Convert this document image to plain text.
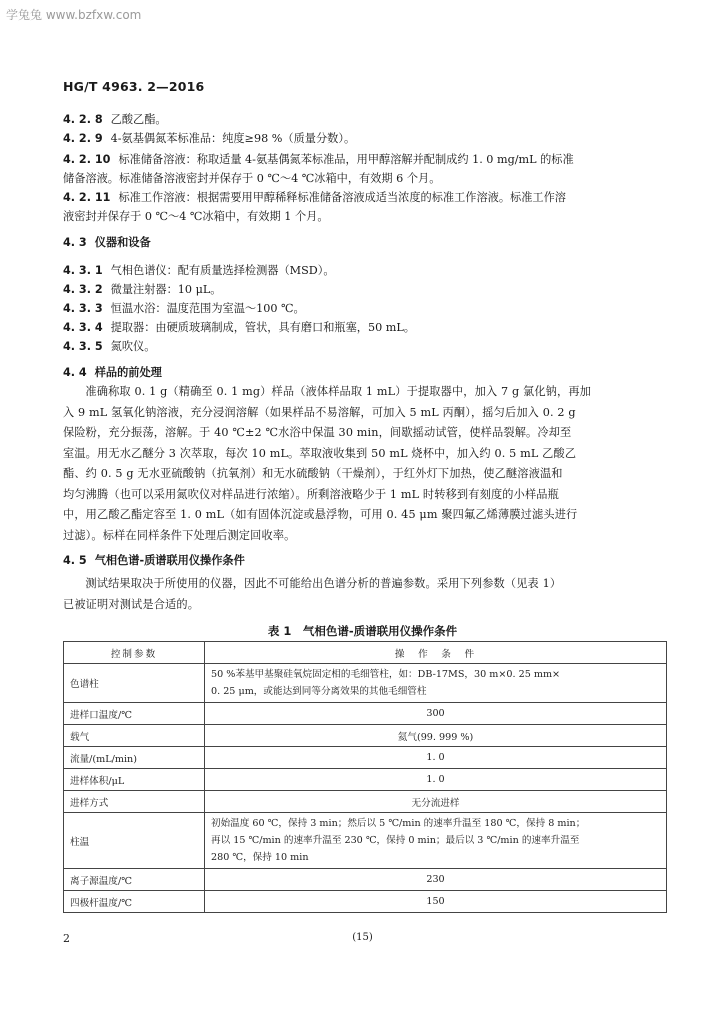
学兔兔 www.bzfxw.com
HG/T 4963. 2—2016
4. 2. 8 乙酸乙酯。
4. 2. 9 4-氨基偶氮苯标准品：纯度≥98 %（质量分数）。
4. 2. 10 标准储备溶液：称取适量 4-氨基偶氮苯标准品，用甲醇溶解并配制成约 1. 0 mg/mL 的标准
储备溶液。标准储备溶液密封并保存于 0 ℃～4 ℃冰箱中，有效期 6 个月。
4. 2. 11 标准工作溶液：根据需要用甲醇稀释标准储备溶液成适当浓度的标准工作溶液。标准工作溶
液密封并保存于 0 ℃～4 ℃冰箱中，有效期 1 个月。
4. 3 仪器和设备
4. 3. 1 气相色谱仪：配有质量选择检测器（MSD）。
4. 3. 2 微量注射器：10 μL。
4. 3. 3 恒温水浴：温度范围为室温～100 ℃。
4. 3. 4 提取器：由硬质玻璃制成，管状，具有磨口和瓶塞，50 mL。
4. 3. 5 氮吹仪。
4. 4 样品的前处理

准确称取 0. 1 g（精确至 0. 1 mg）样品（液体样品取 1 mL）于提取器中，加入 7 g 氯化钠，再加

入 9 mL 氢氧化钠溶液，充分浸润溶解（如果样品不易溶解，可加入 5 mL 丙酮），摇匀后加入 0. 2 g

保险粉，充分振荡，溶解。于 40 ℃±2 ℃水浴中保温 30 min，间歇摇动试管，使样品裂解。冷却至

室温。用无水乙醚分 3 次萃取，每次 10 mL。萃取液收集到 50 mL 烧杯中，加入约 0. 5 mL 乙酸乙

酯、约 0. 5 g 无水亚硫酸钠（抗氧剂）和无水硫酸钠（干燥剂），于红外灯下加热，使乙醚溶液温和

均匀沸腾（也可以采用氮吹仪对样品进行浓缩）。所剩溶液略少于 1 mL 时转移到有刻度的小样品瓶

中，用乙酸乙酯定容至 1. 0 mL（如有固体沉淀或悬浮物，可用 0. 45 μm 聚四氟乙烯薄膜过滤头进行

过滤）。标样在同样条件下处理后测定回收率。

4. 5 气相色谱-质谱联用仪操作条件

测试结果取决于所使用的仪器，因此不可能给出色谱分析的普遍参数。采用下列参数（见表 1）

已被证明对测试是合适的。

表 1　气相色谱-质谱联用仪操作条件
控制参数	操　作　条　件
色谱柱	50 %苯基甲基聚硅氧烷固定相的毛细管柱，如：DB-17MS，30 m×0. 25 mm×
0. 25 μm，或能达到同等分离效果的其他毛细管柱

进样口温度/℃	300
载气	氦气(99. 999 %)
流量/(mL/min)	1. 0
进样体积/μL	1. 0
进样方式	无分流进样
柱温	初始温度 60 ℃，保持 3 min；然后以 5 ℃/min 的速率升温至 180 ℃，保持 8 min；
再以 15 ℃/min 的速率升温至 230 ℃，保持 0 min；最后以 3 ℃/min 的速率升温至
280 ℃，保持 10 min

离子源温度/℃	230
四极杆温度/℃	150
2	(15)
